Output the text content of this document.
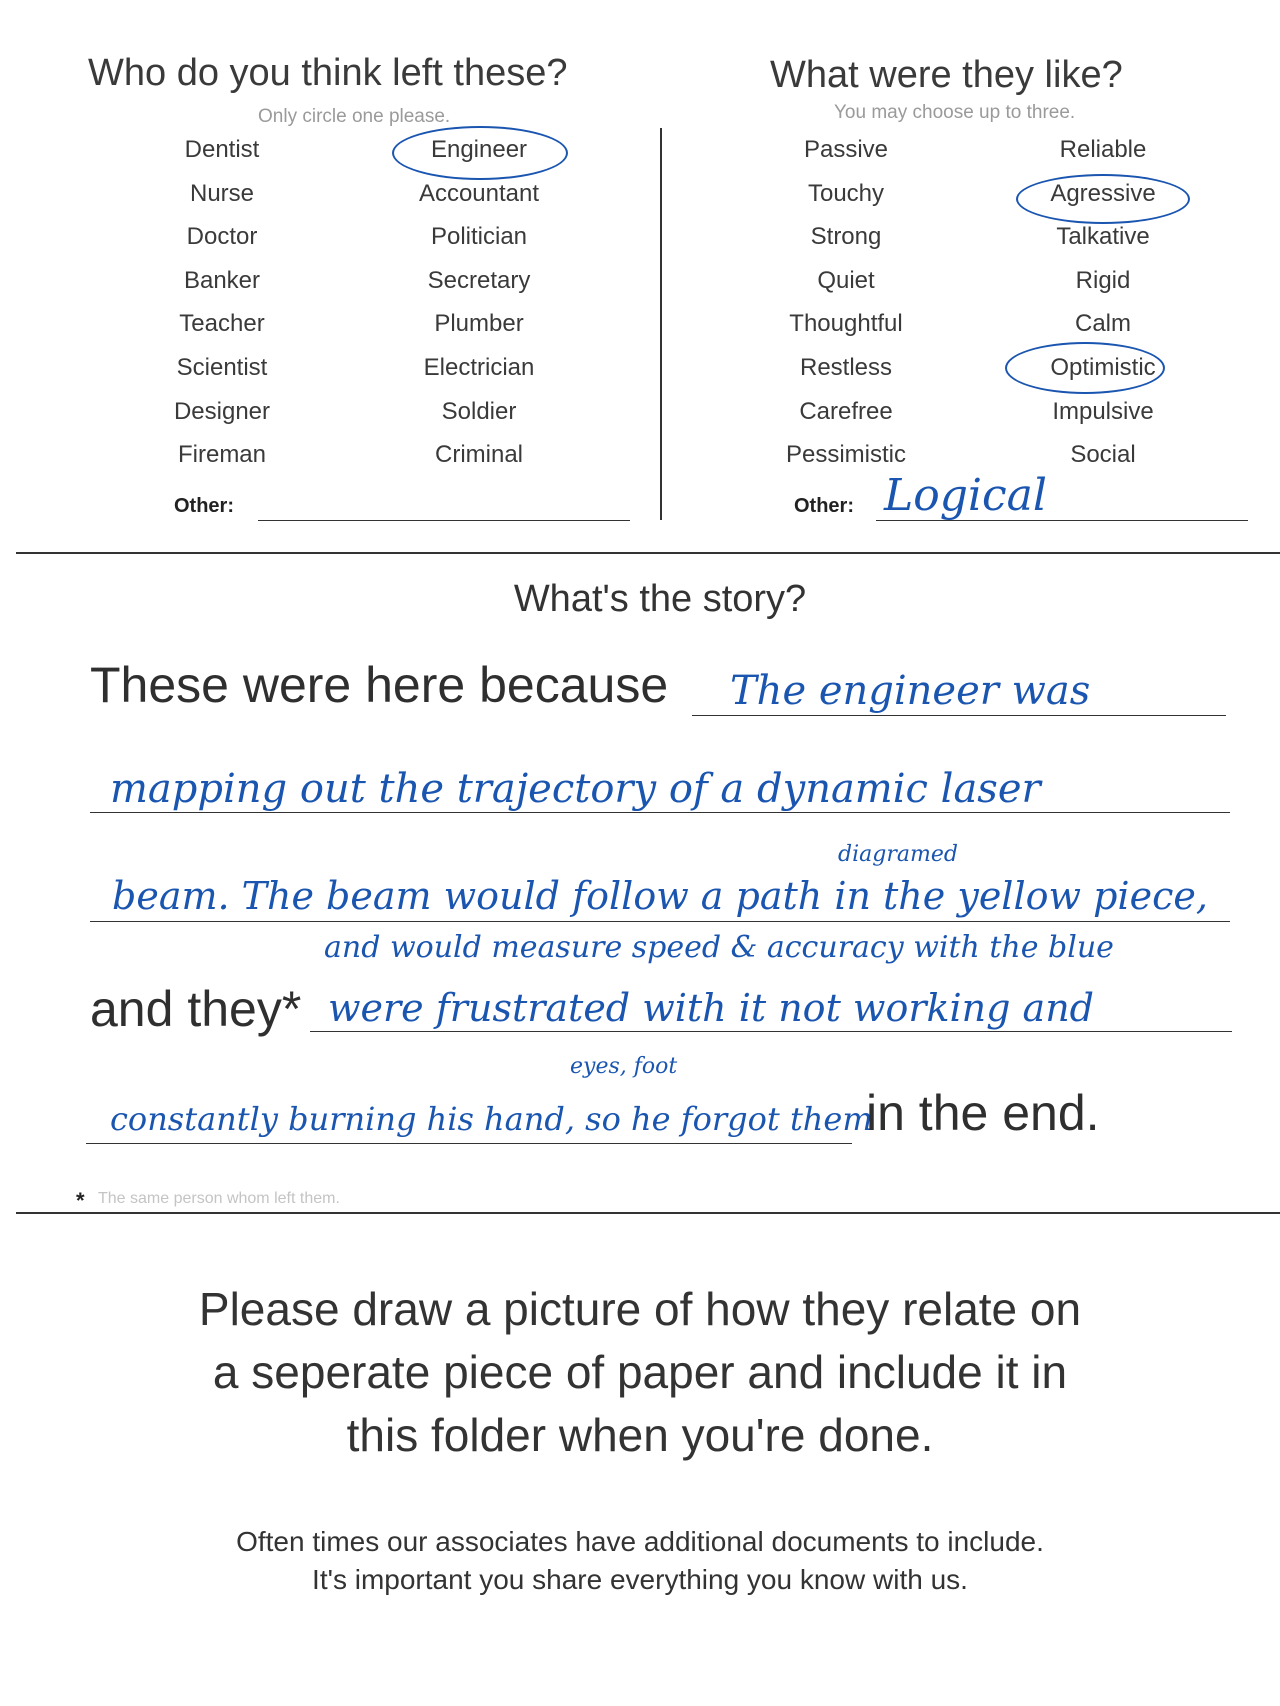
Who do you think left these?
Only circle one please.
Dentist
Nurse
Doctor
Banker
Teacher
Scientist
Designer
Fireman
Engineer
Accountant
Politician
Secretary
Plumber
Electrician
Soldier
Criminal
Other:
What were they like?
You may choose up to three.
Passive
Touchy
Strong
Quiet
Thoughtful
Restless
Carefree
Pessimistic
Reliable
Agressive
Talkative
Rigid
Calm
Optimistic
Impulsive
Social
Other: Logical
What's the story?
These were here because The engineer was
mapping out the trajectory of a dynamic laser
diagramed
beam. The beam would follow a path in the yellow piece,
and would measure speed & accuracy with the blue
and they* were frustrated with it not working and
eyes, foot
constantly burning his hand, so he forgot them
in the end.
* The same person whom left them.
Please draw a picture of how they relate on
a seperate piece of paper and include it in
this folder when you're done.
Often times our associates have additional documents to include.
It's important you share everything you know with us.
